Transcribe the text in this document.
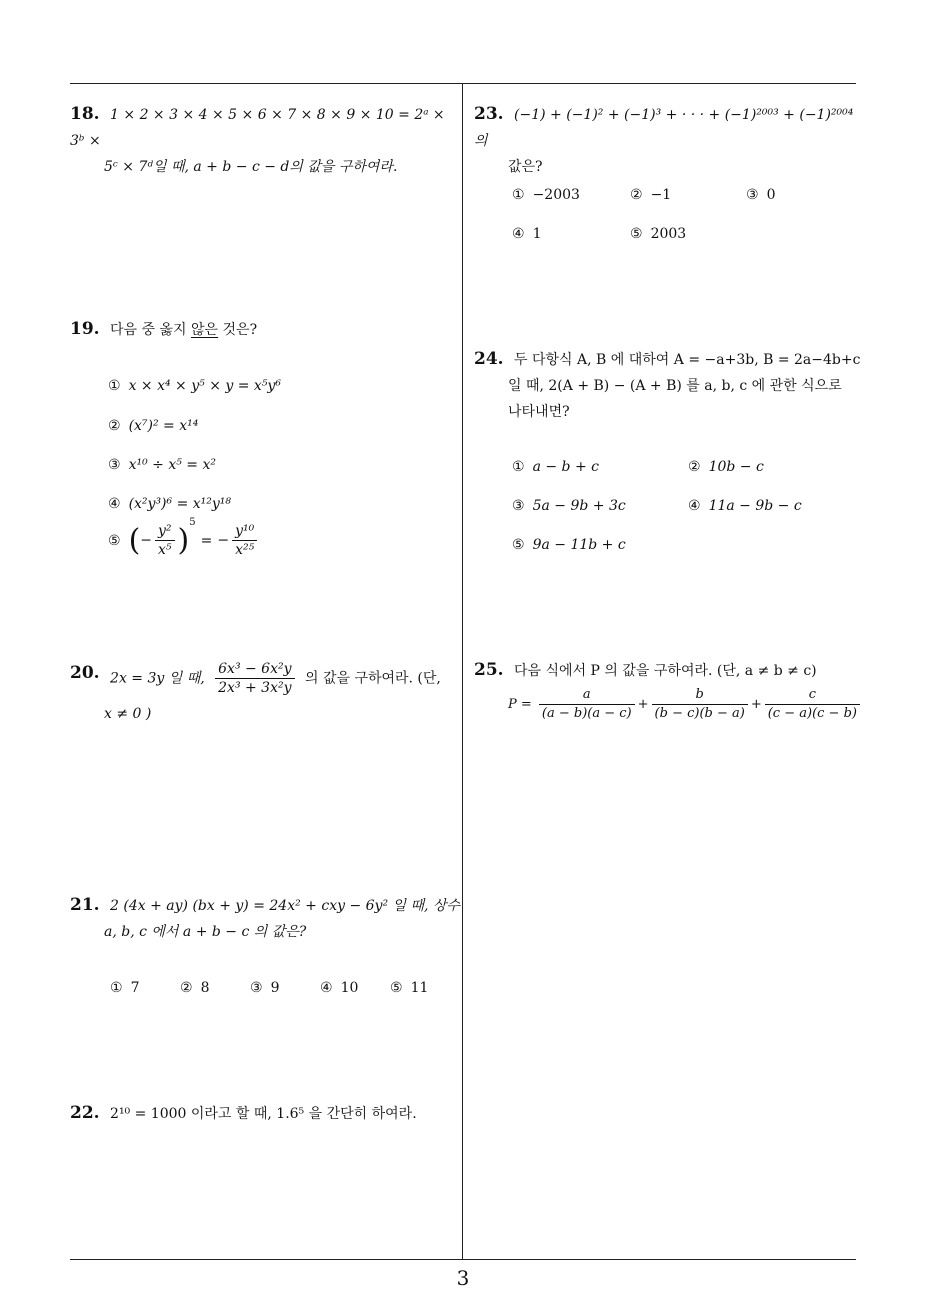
18. 1 × 2 × 3 × 4 × 5 × 6 × 7 × 8 × 9 × 10 = 2ᵃ × 3ᵇ ×
5ᶜ × 7ᵈ일 때, a + b − c − d의 값을 구하여라.
19. 다음 중 옳지 않은 것은?
① x × x⁴ × y⁵ × y = x⁵y⁶
② (x⁷)² = x¹⁴
③ x¹⁰ ÷ x⁵ = x²
④ (x²y³)⁶ = x¹²y¹⁸
⑤ (− $\frac{\text{y²}}{\text{x⁵}} )^5= - \frac{\text{y¹⁰}}{\text{x²⁵}}$
20. 2x = 3y 일 때, $\frac{\text{6x³ − 6x²y}}{\text{2x³ + 3x²y}}$ 의 값을 구하여라. (단,
x ≠ 0 )
21. 2 (4x + ay) (bx + y) = 24x² + cxy − 6y² 일 때, 상수
a, b, c 에서 a + b − c 의 값은?
① 7	② 8	③ 9	④ 10 ⑤ 11
22. 2¹⁰ = 1000 이라고 할 때, 1.6⁵ 을 간단히 하여라.
23. (−1) + (−1)² + (−1)³ + · · · + (−1)²⁰⁰³ + (−1)²⁰⁰⁴ 의
값은?
① −2003	② −1	③ 0
④ 1	⑤ 2003
24. 두 다항식 A, B 에 대하여 A = −a+3b, B = 2a−4b+c
일 때, 2(A + B) − (A + B) 를 a, b, c 에 관한 식으로
나타내면?
① a − b + c	② 10b − c
③ 5a − 9b + 3c	④ 11a − 9b − c
⑤ 9a − 11b + c
25. 다음 식에서 P 의 값을 구하여라. (단, a ≠ b ≠ c)
$P = \frac{a}{(a - b)(a - c)} + \frac{b}{(b - c)(b - a)} + \frac{c}{(c - a)(c - b)}$
3
